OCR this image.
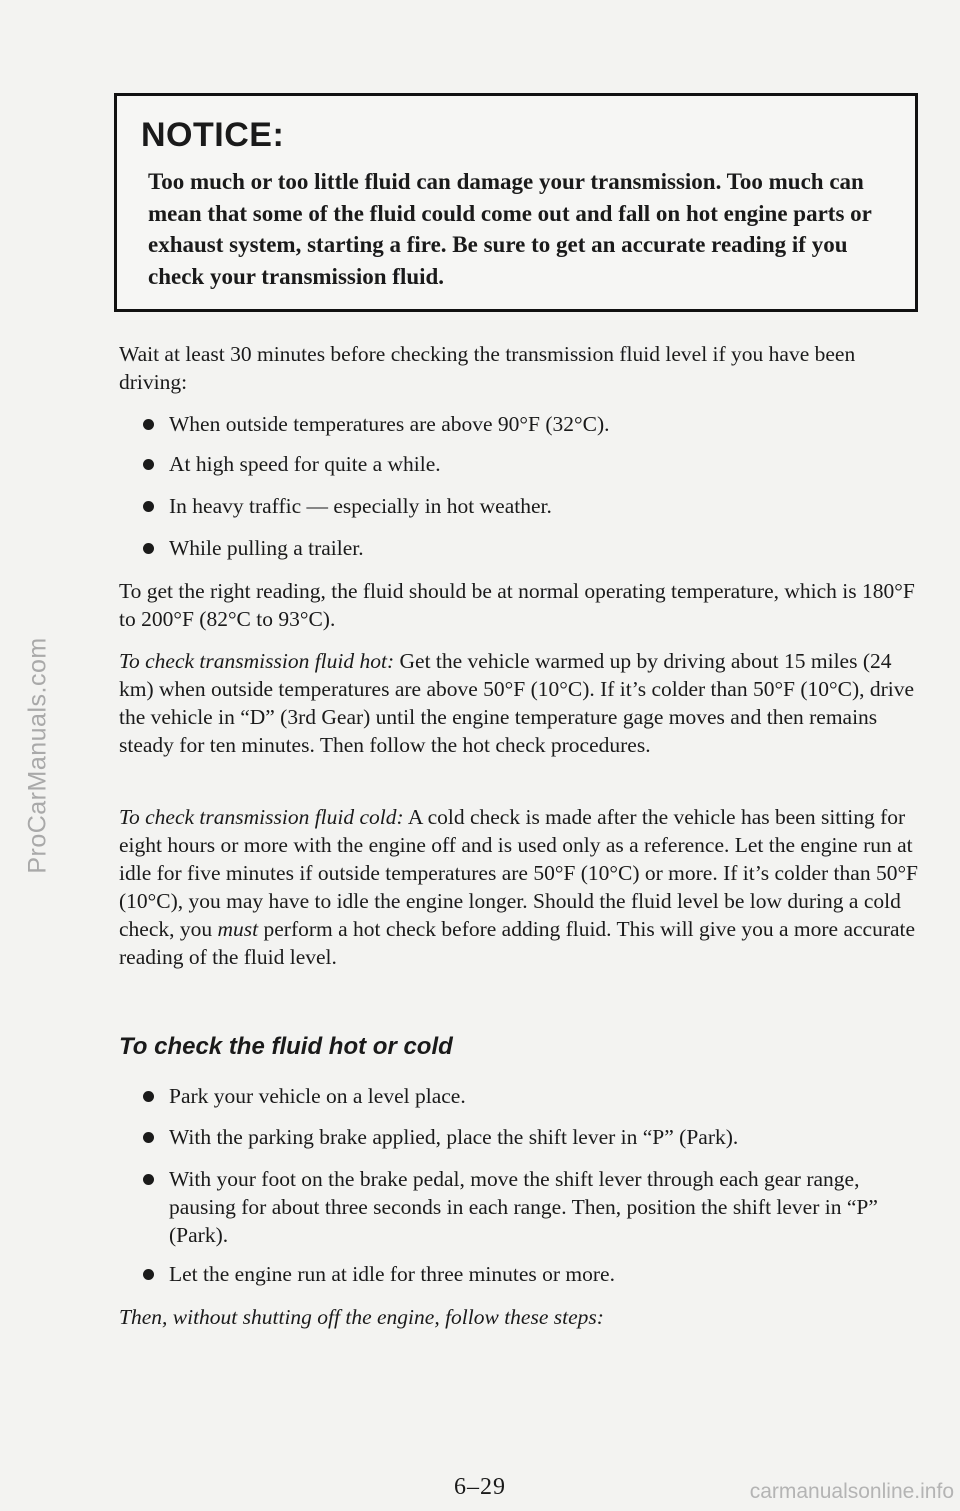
ProCarManuals.com
NOTICE:
Too much or too little fluid can damage your transmission. Too much can mean that some of the fluid could come out and fall on hot engine parts or exhaust system, starting a fire. Be sure to get an accurate reading if you check your transmission fluid.
Wait at least 30 minutes before checking the transmission fluid level if you have been driving:
When outside temperatures are above 90°F (32°C).
At high speed for quite a while.
In heavy traffic — especially in hot weather.
While pulling a trailer.
To get the right reading, the fluid should be at normal operating temperature, which is 180°F to 200°F (82°C to 93°C).
To check transmission fluid hot: Get the vehicle warmed up by driving about 15 miles (24 km) when outside temperatures are above 50°F (10°C). If it’s colder than 50°F (10°C), drive the vehicle in “D” (3rd Gear) until the engine temperature gage moves and then remains steady for ten minutes. Then follow the hot check procedures.
To check transmission fluid cold: A cold check is made after the vehicle has been sitting for eight hours or more with the engine off and is used only as a reference. Let the engine run at idle for five minutes if outside temperatures are 50°F (10°C) or more. If it’s colder than 50°F (10°C), you may have to idle the engine longer. Should the fluid level be low during a cold check, you must perform a hot check before adding fluid. This will give you a more accurate reading of the fluid level.
To check the fluid hot or cold
Park your vehicle on a level place.
With the parking brake applied, place the shift lever in “P” (Park).
With your foot on the brake pedal, move the shift lever through each gear range, pausing for about three seconds in each range. Then, position the shift lever in “P” (Park).
Let the engine run at idle for three minutes or more.
Then, without shutting off the engine, follow these steps:
6–29	carmanualsonline.info
